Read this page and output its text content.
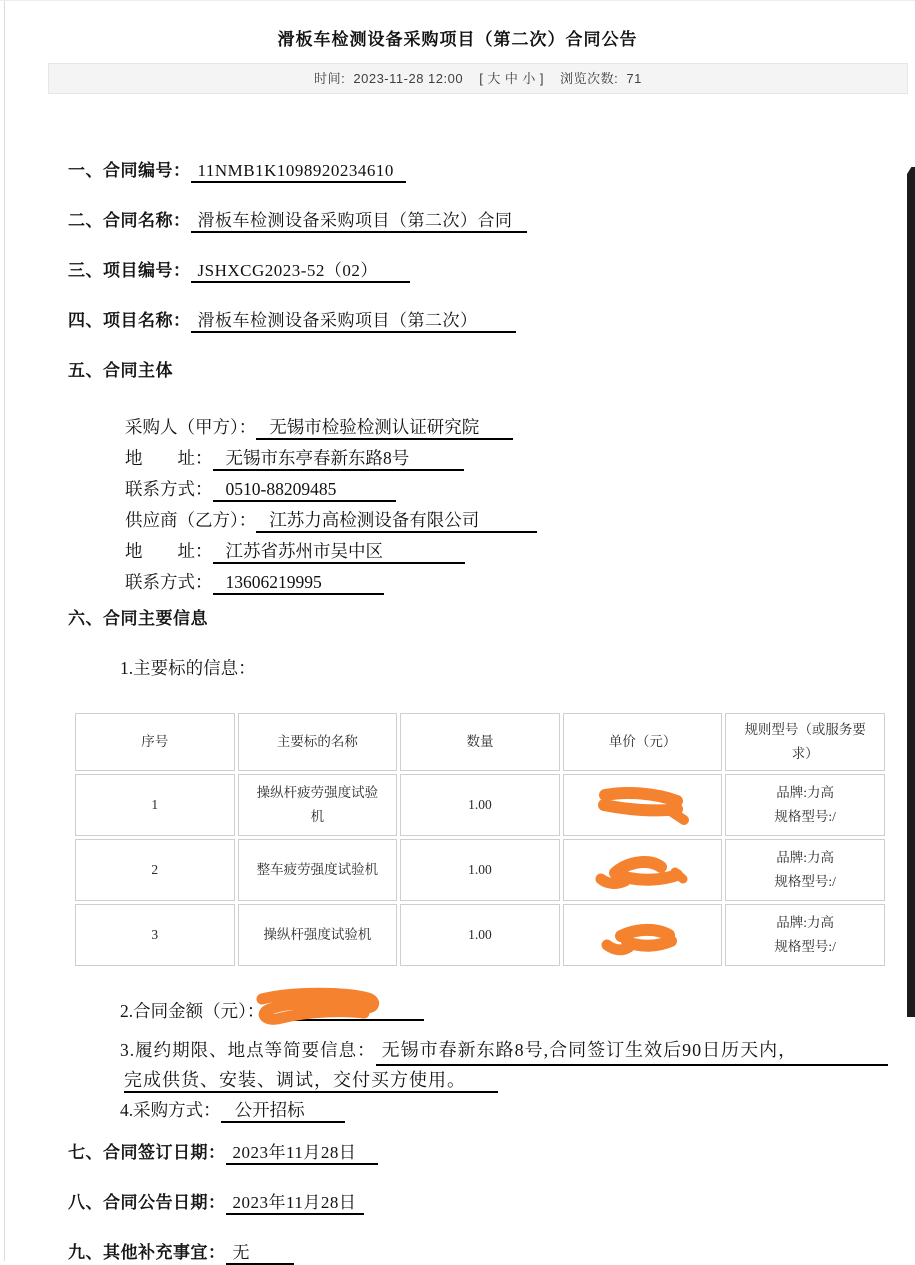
滑板车检测设备采购项目（第二次）合同公告
时间: 2023-11-28 12:00 [ 大 中 小 ] 浏览次数: 71
一、合同编号： 11NMB1K1098920234610
二、合同名称： 滑板车检测设备采购项目（第二次）合同
三、项目编号： JSHXCG2023-52（02）
四、项目名称： 滑板车检测设备采购项目（第二次）
五、合同主体
采购人（甲方）： 无锡市检验检测认证研究院
地　　址： 无锡市东亭春新东路8号
联系方式： 0510-88209485
供应商（乙方）： 江苏力高检测设备有限公司
地　　址： 江苏省苏州市吴中区
联系方式： 13606219995
六、合同主要信息
1.主要标的信息：
序号	主要标的名称	数量	单价（元）	规则型号（或服务要求）

1	操纵杆疲劳强度试验机	1.00		品牌:力高
规格型号:/

2	整车疲劳强度试验机	1.00		品牌:力高
规格型号:/

3	操纵杆强度试验机	1.00		品牌:力高
规格型号:/
2.合同金额（元）：
3.履约期限、地点等简要信息： 无锡市春新东路8号,合同签订生效后90日历天内，
完成供货、安装、调试，交付买方使用。
4.采购方式： 公开招标
七、合同签订日期： 2023年11月28日
八、合同公告日期： 2023年11月28日
九、其他补充事宜： 无
